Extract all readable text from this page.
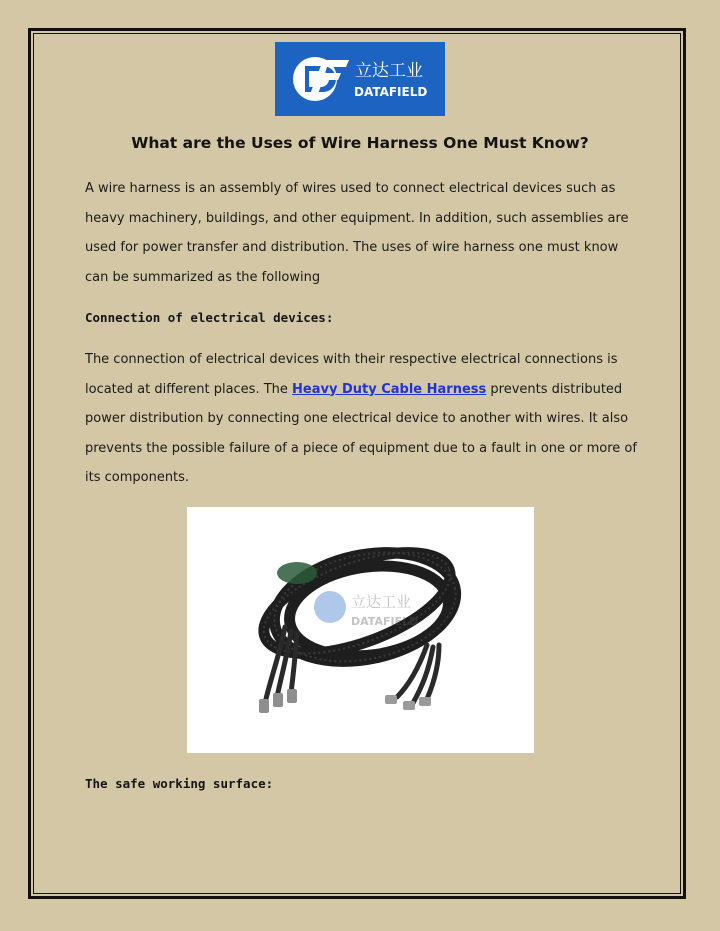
立达工业
DATAFIELD
What are the Uses of Wire Harness One Must Know?

A wire harness is an assembly of wires used to connect electrical devices such as heavy machinery, buildings, and other equipment. In addition, such assemblies are used for power transfer and distribution. The uses of wire harness one must know can be summarized as the following

Connection of electrical devices:

The connection of electrical devices with their respective electrical connections is located at different places. The Heavy Duty Cable Harness prevents distributed power distribution by connecting one electrical device to another with wires. It also prevents the possible failure of a piece of equipment due to a fault in one or more of its components.

立达工业
DATAFIELD
The safe working surface:
